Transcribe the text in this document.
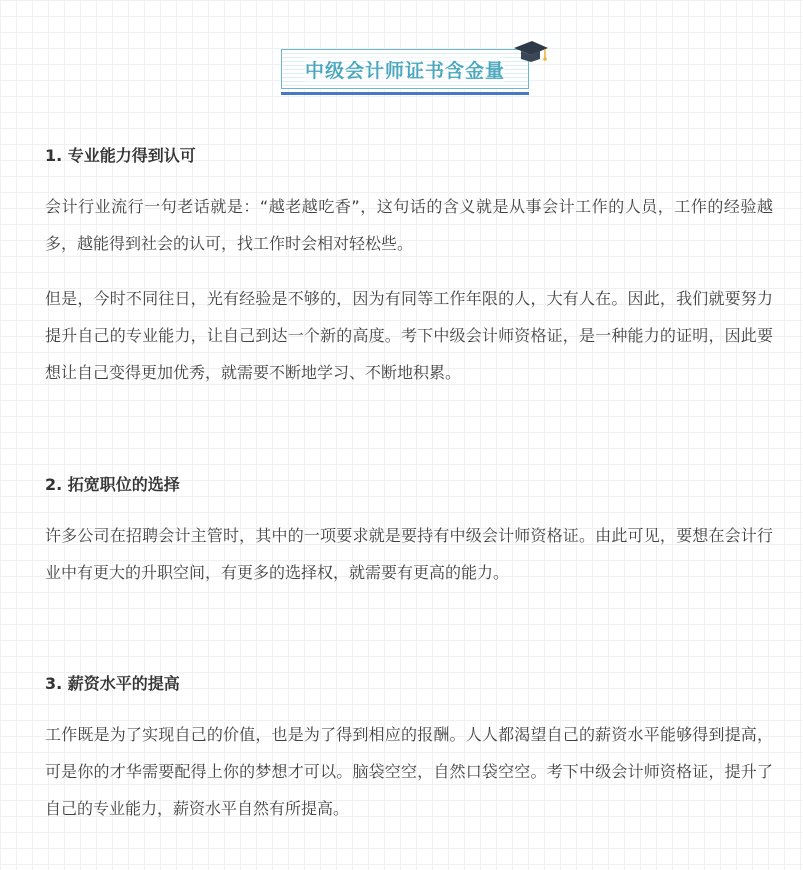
中级会计师证书含金量
1. 专业能力得到认可

会计行业流行一句老话就是：“越老越吃香”，这句话的含义就是从事会计工作的人员，工作的经验越多，越能得到社会的认可，找工作时会相对轻松些。

但是，今时不同往日，光有经验是不够的，因为有同等工作年限的人，大有人在。因此，我们就要努力提升自己的专业能力，让自己到达一个新的高度。考下中级会计师资格证，是一种能力的证明，因此要想让自己变得更加优秀，就需要不断地学习、不断地积累。

2. 拓宽职位的选择

许多公司在招聘会计主管时，其中的一项要求就是要持有中级会计师资格证。由此可见，要想在会计行业中有更大的升职空间，有更多的选择权，就需要有更高的能力。

3. 薪资水平的提高

工作既是为了实现自己的价值，也是为了得到相应的报酬。人人都渴望自己的薪资水平能够得到提高，可是你的才华需要配得上你的梦想才可以。脑袋空空，自然口袋空空。考下中级会计师资格证，提升了自己的专业能力，薪资水平自然有所提高。
